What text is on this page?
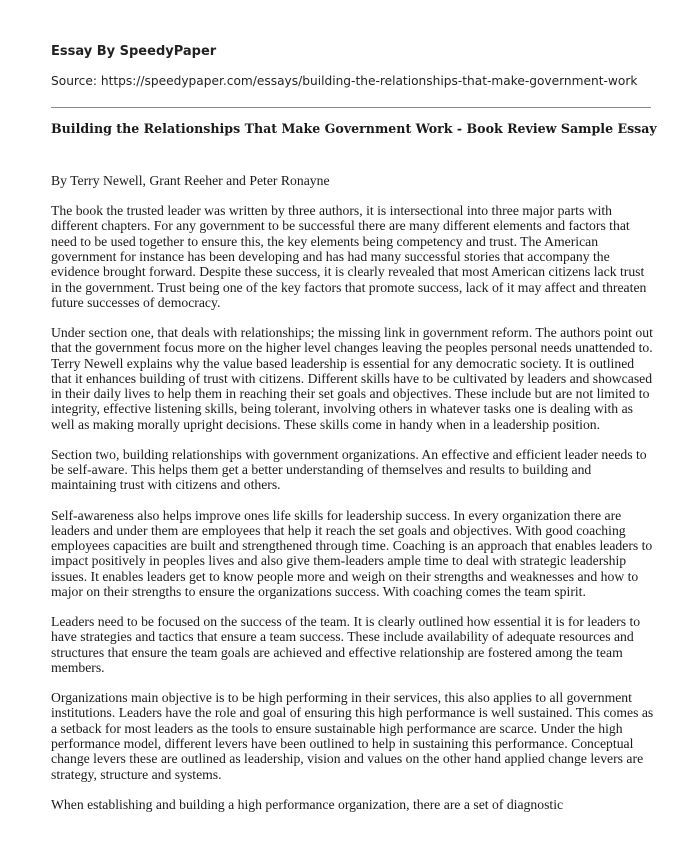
Essay By SpeedyPaper

Source: https://speedypaper.com/essays/building-the-relationships-that-make-government-work

Building the Relationships That Make Government Work - Book Review Sample Essay

By Terry Newell, Grant Reeher and Peter Ronayne

The book the trusted leader was written by three authors, it is intersectional into three major parts with different chapters. For any government to be successful there are many different elements and factors that need to be used together to ensure this, the key elements being competency and trust. The American government for instance has been developing and has had many successful stories that accompany the evidence brought forward. Despite these success, it is clearly revealed that most American citizens lack trust in the government. Trust being one of the key factors that promote success, lack of it may affect and threaten future successes of democracy.

Under section one, that deals with relationships; the missing link in government reform. The authors point out that the government focus more on the higher level changes leaving the peoples personal needs unattended to. Terry Newell explains why the value based leadership is essential for any democratic society. It is outlined that it enhances building of trust with citizens. Different skills have to be cultivated by leaders and showcased in their daily lives to help them in reaching their set goals and objectives. These include but are not limited to integrity, effective listening skills, being tolerant, involving others in whatever tasks one is dealing with as well as making morally upright decisions. These skills come in handy when in a leadership position.

Section two, building relationships with government organizations. An effective and efficient leader needs to be self-aware. This helps them get a better understanding of themselves and results to building and maintaining trust with citizens and others.

Self-awareness also helps improve ones life skills for leadership success. In every organization there are leaders and under them are employees that help it reach the set goals and objectives. With good coaching employees capacities are built and strengthened through time. Coaching is an approach that enables leaders to impact positively in peoples lives and also give them-leaders ample time to deal with strategic leadership issues. It enables leaders get to know people more and weigh on their strengths and weaknesses and how to major on their strengths to ensure the organizations success. With coaching comes the team spirit.

Leaders need to be focused on the success of the team. It is clearly outlined how essential it is for leaders to have strategies and tactics that ensure a team success. These include availability of adequate resources and structures that ensure the team goals are achieved and effective relationship are fostered among the team members.

Organizations main objective is to be high performing in their services, this also applies to all government institutions. Leaders have the role and goal of ensuring this high performance is well sustained. This comes as a setback for most leaders as the tools to ensure sustainable high performance are scarce. Under the high performance model, different levers have been outlined to help in sustaining this performance. Conceptual change levers these are outlined as leadership, vision and values on the other hand applied change levers are strategy, structure and systems.

When establishing and building a high performance organization, there are a set of diagnostic
